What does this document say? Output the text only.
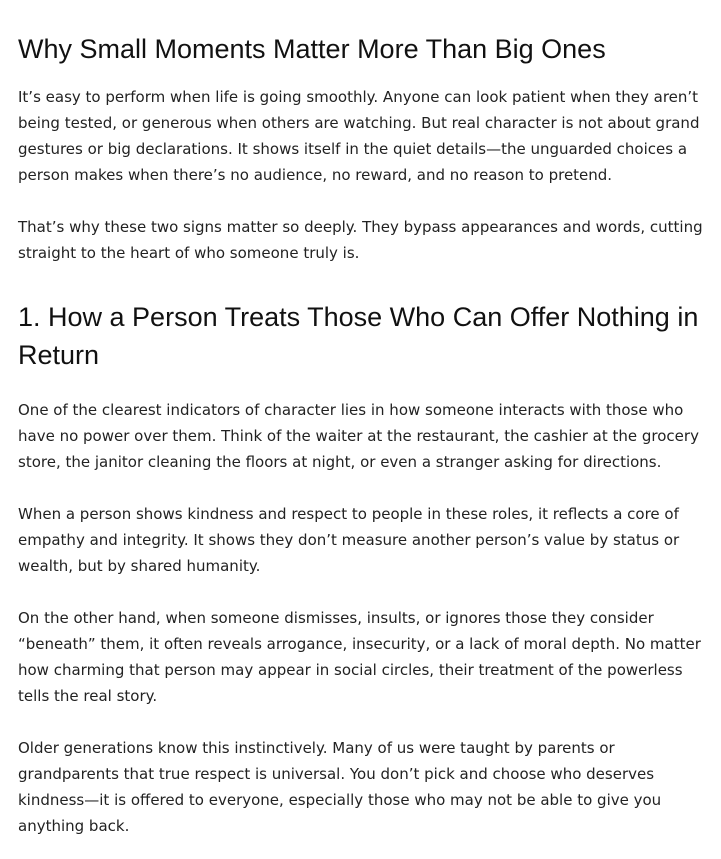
Why Small Moments Matter More Than Big Ones

It’s easy to perform when life is going smoothly. Anyone can look patient when they aren’t being tested, or generous when others are watching. But real character is not about grand gestures or big declarations. It shows itself in the quiet details—the unguarded choices a person makes when there’s no audience, no reward, and no reason to pretend.

That’s why these two signs matter so deeply. They bypass appearances and words, cutting straight to the heart of who someone truly is.

1. How a Person Treats Those Who Can Offer Nothing in Return

One of the clearest indicators of character lies in how someone interacts with those who have no power over them. Think of the waiter at the restaurant, the cashier at the grocery store, the janitor cleaning the floors at night, or even a stranger asking for directions.

When a person shows kindness and respect to people in these roles, it reflects a core of empathy and integrity. It shows they don’t measure another person’s value by status or wealth, but by shared humanity.

On the other hand, when someone dismisses, insults, or ignores those they consider “beneath” them, it often reveals arrogance, insecurity, or a lack of moral depth. No matter how charming that person may appear in social circles, their treatment of the powerless tells the real story.

Older generations know this instinctively. Many of us were taught by parents or grandparents that true respect is universal. You don’t pick and choose who deserves kindness—it is offered to everyone, especially those who may not be able to give you anything back.
